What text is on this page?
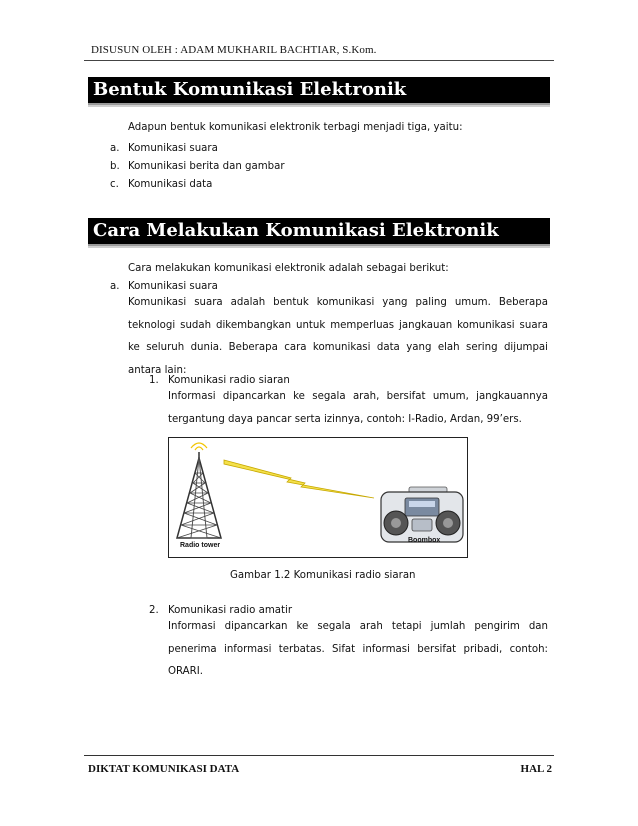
DISUSUN OLEH : ADAM MUKHARIL BACHTIAR, S.Kom.
Bentuk Komunikasi Elektronik
Adapun bentuk komunikasi elektronik terbagi menjadi tiga, yaitu:
a. Komunikasi suara
b. Komunikasi berita dan gambar
c. Komunikasi data
Cara Melakukan Komunikasi Elektronik
Cara melakukan komunikasi elektronik adalah sebagai berikut:
a. Komunikasi suara
Komunikasi suara adalah bentuk komunikasi yang paling umum. Beberapa teknologi sudah dikembangkan untuk memperluas jangkauan komunikasi suara ke seluruh dunia. Beberapa cara komunikasi data yang elah sering dijumpai antara lain:
1. Komunikasi radio siaran
Informasi dipancarkan ke segala arah, bersifat umum, jangkauannya tergantung daya pancar serta izinnya, contoh: I-Radio, Ardan, 99’ers.
Radio tower
Boombox
Gambar 1.2 Komunikasi radio siaran
2. Komunikasi radio amatir
Informasi dipancarkan ke segala arah tetapi jumlah pengirim dan penerima informasi terbatas. Sifat informasi bersifat pribadi, contoh: ORARI.
DIKTAT KOMUNIKASI DATA	HAL 2
